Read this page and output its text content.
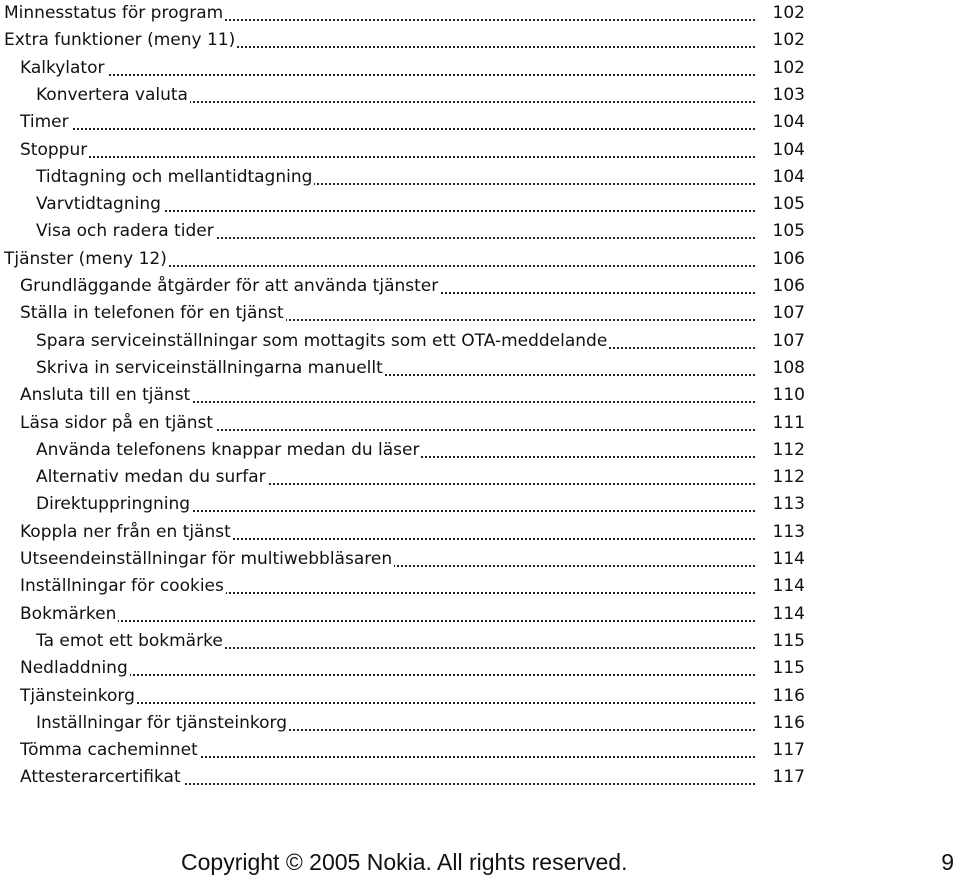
Minnesstatus för program	102
Extra funktioner (meny 11)	102
Kalkylator	102
Konvertera valuta	103
Timer	104
Stoppur	104
Tidtagning och mellantidtagning	104
Varvtidtagning	105
Visa och radera tider	105
Tjänster (meny 12)	106
Grundläggande åtgärder för att använda tjänster	106
Ställa in telefonen för en tjänst	107
Spara serviceinställningar som mottagits som ett OTA-meddelande	107
Skriva in serviceinställningarna manuellt	108
Ansluta till en tjänst	110
Läsa sidor på en tjänst	111
Använda telefonens knappar medan du läser	112
Alternativ medan du surfar	112
Direktuppringning	113
Koppla ner från en tjänst	113
Utseendeinställningar för multiwebbläsaren	114
Inställningar för cookies	114
Bokmärken	114
Ta emot ett bokmärke	115
Nedladdning	115
Tjänsteinkorg	116
Inställningar för tjänsteinkorg	116
Tömma cacheminnet	117
Attesterarcertifikat	117
Copyright © 2005 Nokia. All rights reserved.	9
